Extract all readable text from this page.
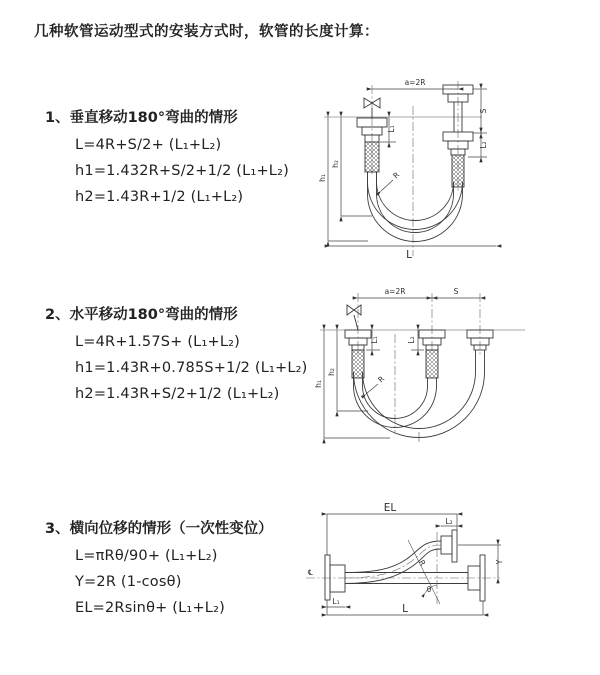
几种软管运动型式的安装方式时，软管的长度计算：
1、垂直移动180°弯曲的情形
L=4R+S/2+ (L₁+L₂)
h1=1.432R+S/2+1/2 (L₁+L₂)
h2=1.43R+1/2 (L₁+L₂)
2、水平移动180°弯曲的情形
L=4R+1.57S+ (L₁+L₂)
h1=1.43R+0.785S+1/2 (L₁+L₂)
h2=1.43R+S/2+1/2 (L₁+L₂)
3、横向位移的情形（一次性变位）
L=πRθ/90+ (L₁+L₂)
Y=2R (1-cosθ)
EL=2Rsinθ+ (L₁+L₂)
a=2R
L₁
S
L₂
h₁
h₂
R
L
a=2R	S
L₁	L₂
h₁
h₂
R
℄
EL
L₂
Y
R
θ
L
L₁
